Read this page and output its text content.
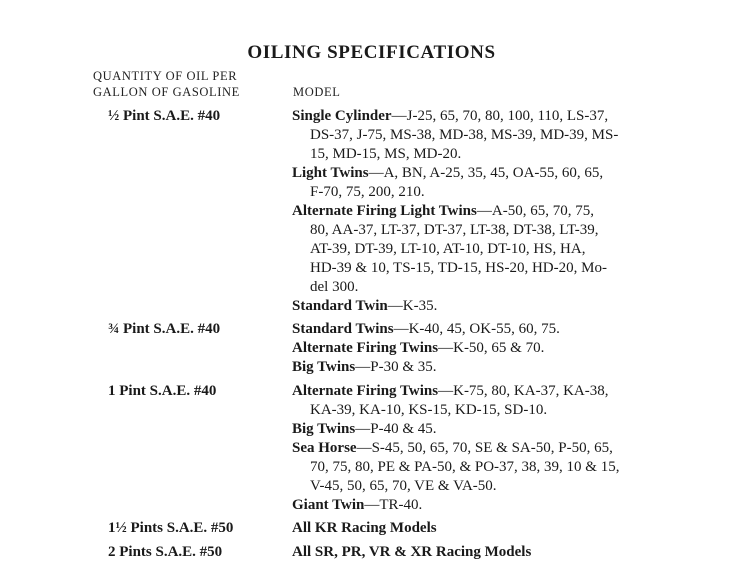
OILING SPECIFICATIONS
QUANTITY OF OIL PER
GALLON OF GASOLINE	MODEL
½ Pint S.A.E. #40	Single Cylinder—J-25, 65, 70, 80, 100, 110, LS-37,
DS-37, J-75, MS-38, MD-38, MS-39, MD-39, MS-
15, MD-15, MS, MD-20.
Light Twins—A, BN, A-25, 35, 45, OA-55, 60, 65,
F-70, 75, 200, 210.
Alternate Firing Light Twins—A-50, 65, 70, 75,
80, AA-37, LT-37, DT-37, LT-38, DT-38, LT-39,
AT-39, DT-39, LT-10, AT-10, DT-10, HS, HA,
HD-39 & 10, TS-15, TD-15, HS-20, HD-20, Mo-
del 300.
Standard Twin—K-35.
¾ Pint S.A.E. #40	Standard Twins—K-40, 45, OK-55, 60, 75.
Alternate Firing Twins—K-50, 65 & 70.
Big Twins—P-30 & 35.
1 Pint S.A.E. #40	Alternate Firing Twins—K-75, 80, KA-37, KA-38,
KA-39, KA-10, KS-15, KD-15, SD-10.
Big Twins—P-40 & 45.
Sea Horse—S-45, 50, 65, 70, SE & SA-50, P-50, 65,
70, 75, 80, PE & PA-50, & PO-37, 38, 39, 10 & 15,
V-45, 50, 65, 70, VE & VA-50.
Giant Twin—TR-40.
1½ Pints S.A.E. #50	All KR Racing Models
2 Pints S.A.E. #50	All SR, PR, VR & XR Racing Models
